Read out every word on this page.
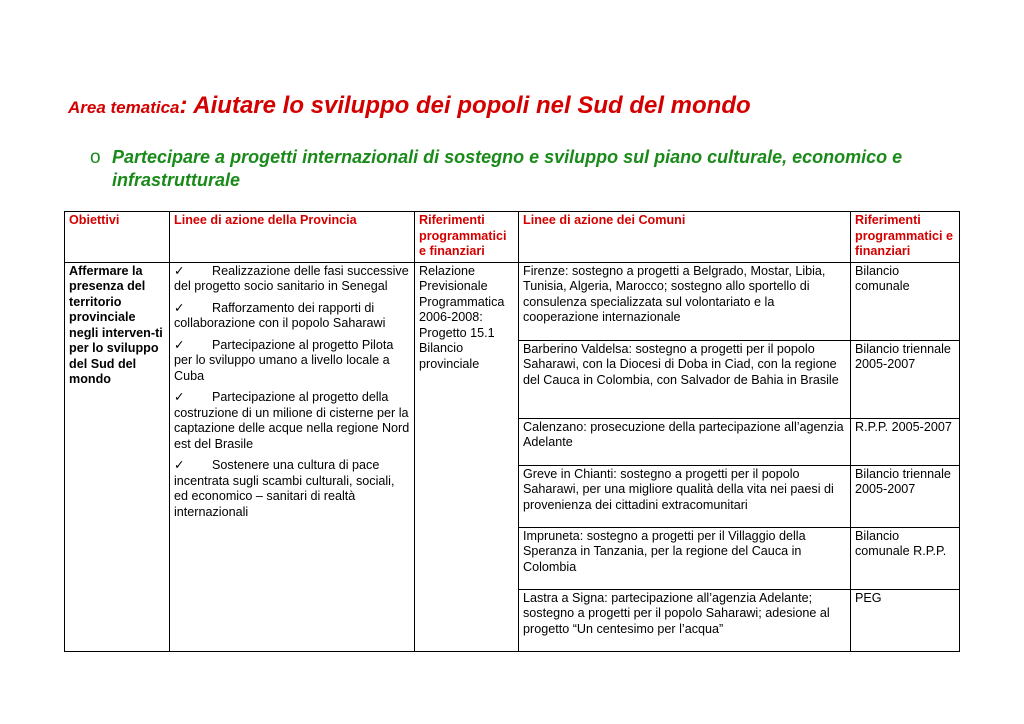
Area tematica: Aiutare lo sviluppo dei popoli nel Sud del mondo
o Partecipare a progetti internazionali di sostegno e sviluppo sul piano culturale, economico e infrastrutturale
Obiettivi	Linee di azione della Provincia	Riferimenti programmatici e finanziari	Linee di azione dei Comuni	Riferimenti programmatici e finanziari
Affermare la presenza del territorio provinciale negli interven-ti per lo sviluppo del Sud del mondo	✓ Realizzazione delle fasi successive del progetto socio sanitario in Senegal
✓ Rafforzamento dei rapporti di collaborazione con il popolo Saharawi
✓ Partecipazione al progetto Pilota per lo sviluppo umano a livello locale a Cuba
✓ Partecipazione al progetto della costruzione di un milione di cisterne per la captazione delle acque nella regione Nord est del Brasile
✓ Sostenere una cultura di pace incentrata sugli scambi culturali, sociali, ed economico – sanitari di realtà internazionali	Relazione Previsionale Programmatica 2006-2008: Progetto 15.1 Bilancio provinciale	Firenze: sostegno a progetti a Belgrado, Mostar, Libia, Tunisia, Algeria, Marocco; sostegno allo sportello di consulenza specializzata sul volontariato e la cooperazione internazionale	Bilancio comunale
			Barberino Valdelsa: sostegno a progetti per il popolo Saharawi, con la Diocesi di Doba in Ciad, con la regione del Cauca in Colombia, con Salvador de Bahia in Brasile	Bilancio triennale 2005-2007
			Calenzano: prosecuzione della partecipazione all’agenzia Adelante	R.P.P. 2005-2007
			Greve in Chianti: sostegno a progetti per il popolo Saharawi, per una migliore qualità della vita nei paesi di provenienza dei cittadini extracomunitari	Bilancio triennale 2005-2007
			Impruneta: sostegno a progetti per il Villaggio della Speranza in Tanzania, per la regione del Cauca in Colombia	Bilancio comunale R.P.P.
			Lastra a Signa: partecipazione all’agenzia Adelante; sostegno a progetti per il popolo Saharawi; adesione al progetto “Un centesimo per l’acqua”	PEG
